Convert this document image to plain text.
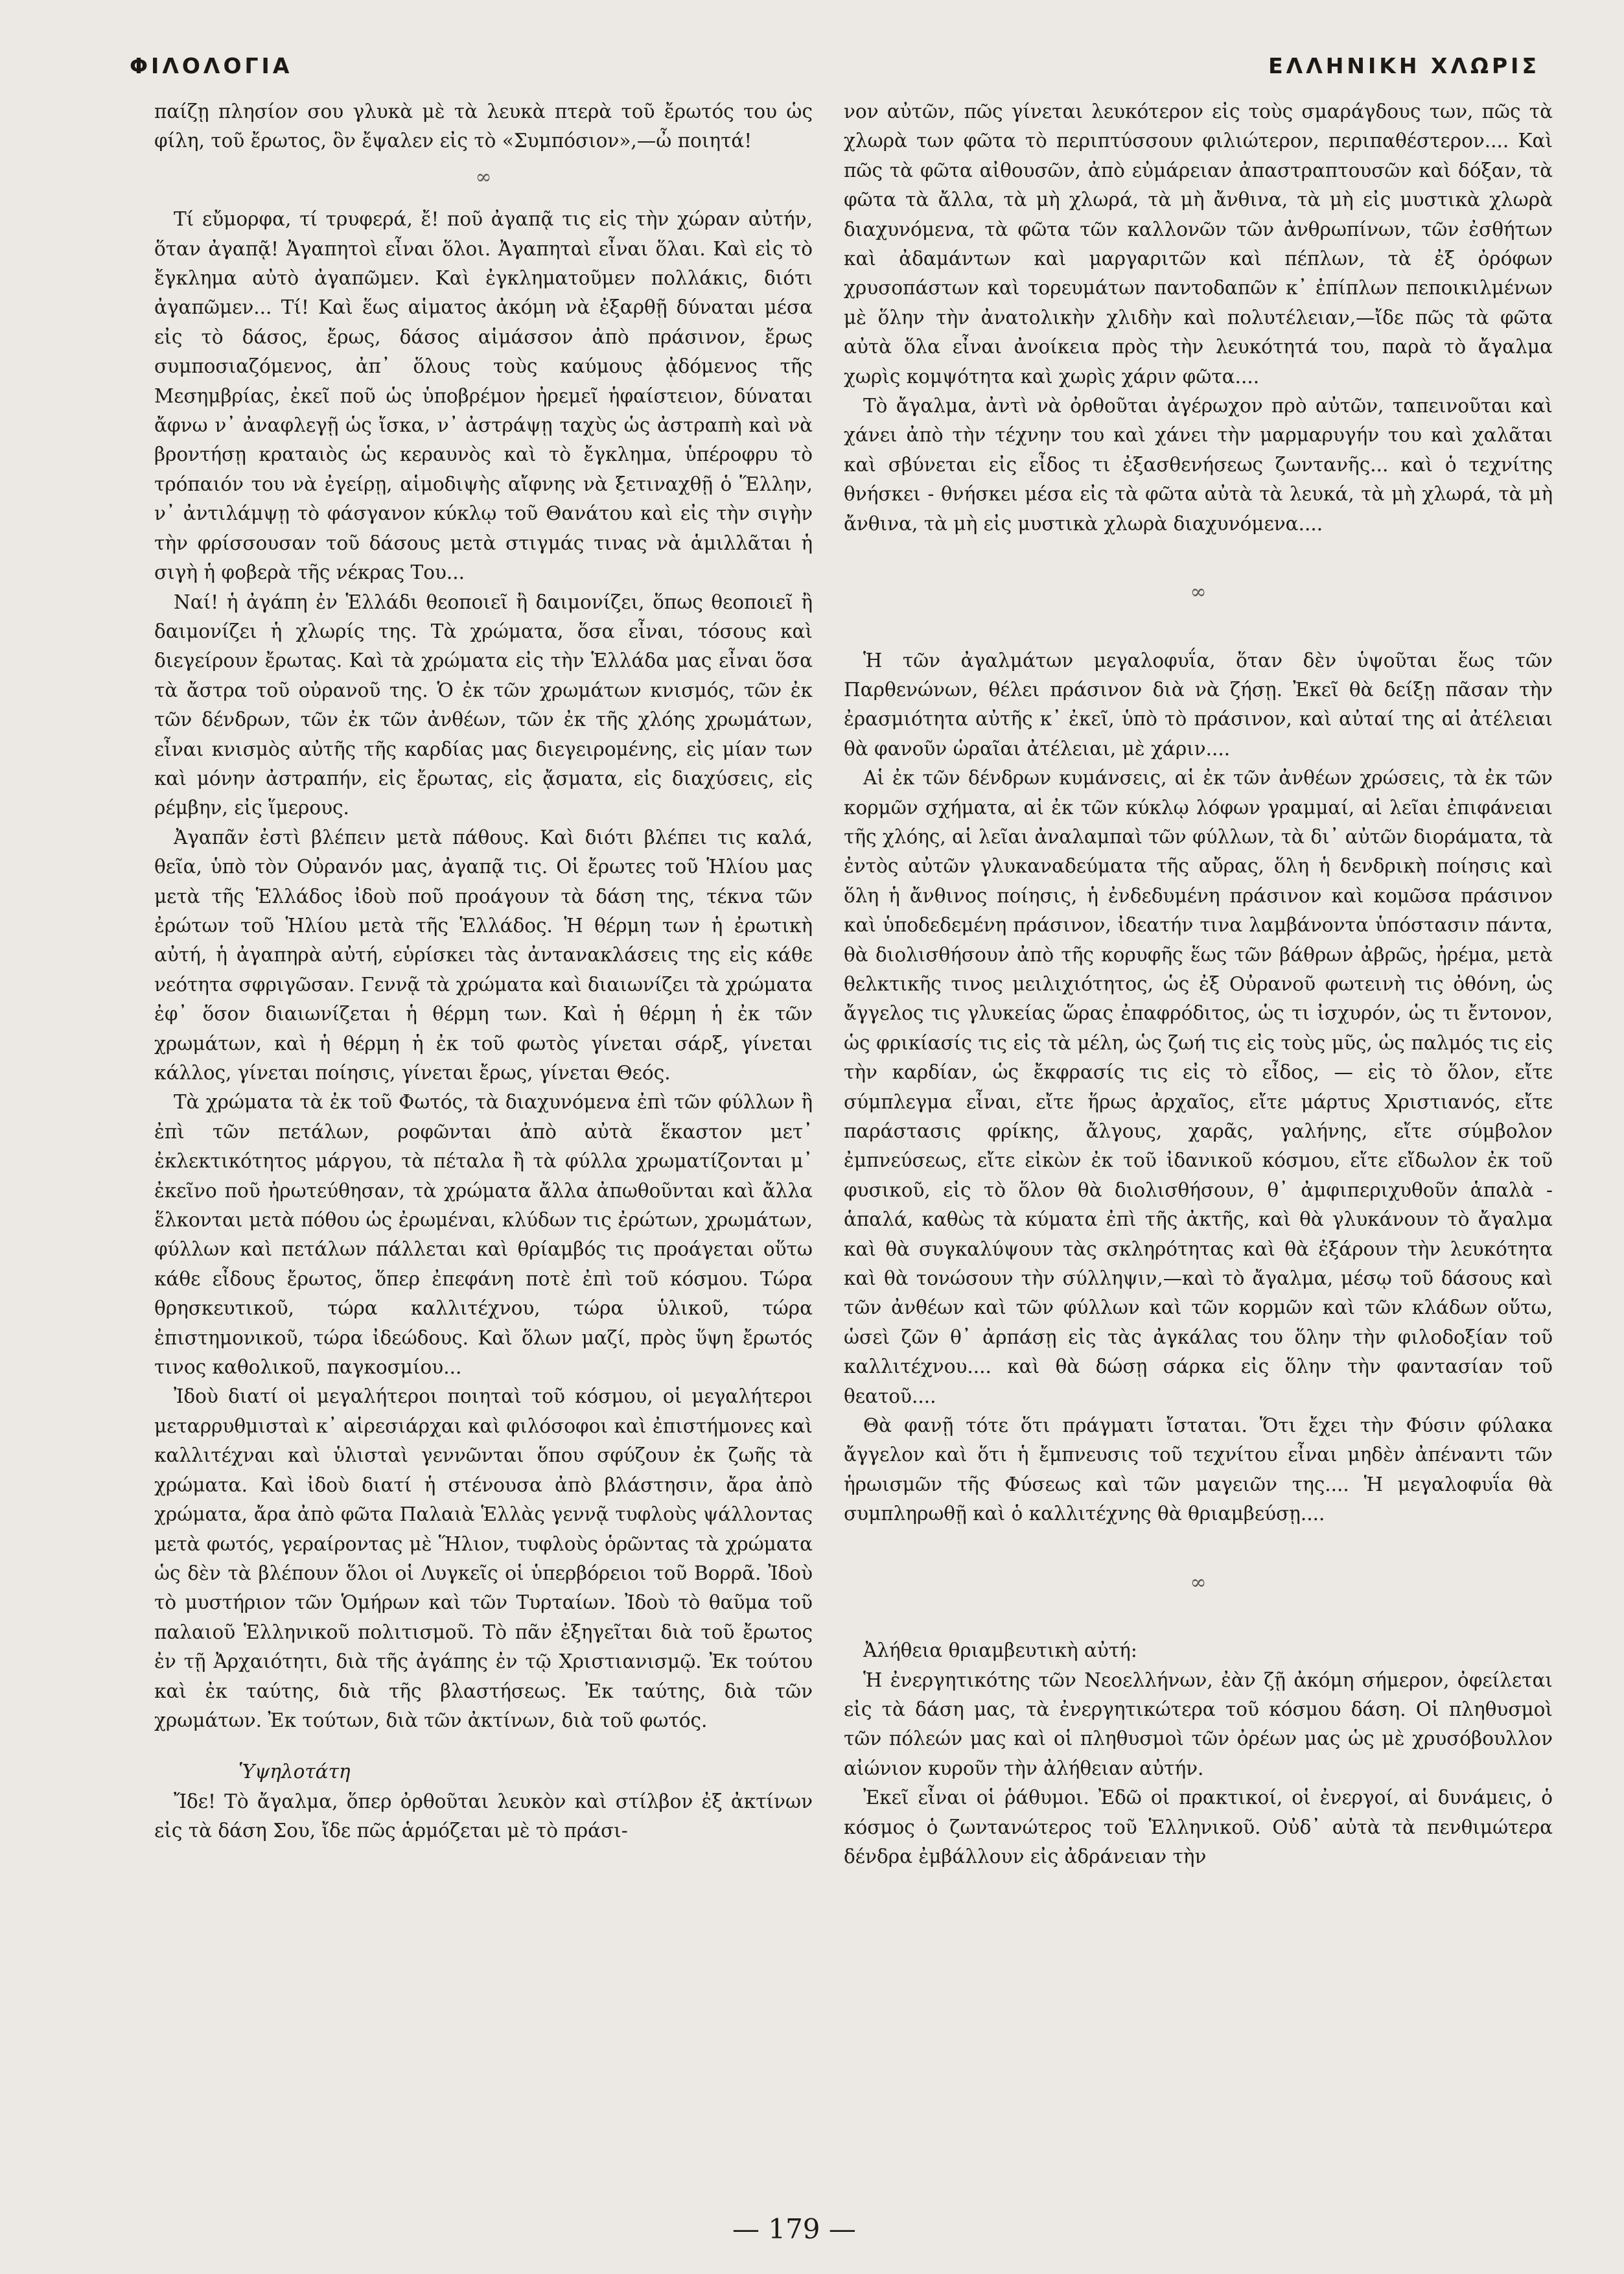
ΦΙΛΟΛΟΓΙΑ	ΕΛΛΗΝΙΚΗ ΧΛΩΡΙΣ

παίζῃ πλησίον σου γλυκὰ μὲ τὰ λευκὰ πτερὰ τοῦ ἔρωτός του ὡς φίλη, τοῦ ἔρωτος, ὃν ἔψαλεν εἰς τὸ «Συμπόσιον»,—ὦ ποιητά!

∞

Τί εὔμορφα, τί τρυφερά, ἔ! ποῦ ἀγαπᾷ τις εἰς τὴν χώραν αὐτήν, ὅταν ἀγαπᾷ! Ἀγαπητοὶ εἶναι ὅλοι. Ἀγαπηταὶ εἶναι ὅλαι. Καὶ εἰς τὸ ἔγκλημα αὐτὸ ἀγαπῶμεν. Καὶ ἐγκληματοῦμεν πολλάκις, διότι ἀγαπῶμεν... Τί! Καὶ ἕως αἱματος ἀκόμη νὰ ἐξαρθῇ δύναται μέσα εἰς τὸ δάσος, ἔρως, δάσος αἱμάσσον ἀπὸ πράσινον, ἔρως συμποσιαζόμενος, ἀπ᾿ ὅλους τοὺς καύμους ᾀδόμενος τῆς Μεσημβρίας, ἐκεῖ ποῦ ὡς ὑποβρέμον ἠρεμεῖ ἡφαίστειον, δύναται ἄφνω ν᾿ ἀναφλεγῇ ὡς ἴσκα, ν᾿ ἀστράψῃ ταχὺς ὡς ἀστραπὴ καὶ νὰ βροντήσῃ κραταιὸς ὡς κεραυνὸς καὶ τὸ ἔγκλημα, ὑπέροφρυ τὸ τρόπαιόν του νὰ ἐγείρῃ, αἱμοδιψὴς αἴφνης νὰ ξετιναχθῇ ὁ Ἕλλην, ν᾿ ἀντιλάμψῃ τὸ φάσγανον κύκλῳ τοῦ Θανάτου καὶ εἰς τὴν σιγὴν τὴν φρίσσουσαν τοῦ δάσους μετὰ στιγμάς τινας νὰ ἁμιλλᾶται ἡ σιγὴ ἡ φοβερὰ τῆς νέκρας Του...

Ναί! ἡ ἀγάπη ἐν Ἑλλάδι θεοποιεῖ ἢ δαιμονίζει, ὅπως θεοποιεῖ ἢ δαιμονίζει ἡ χλωρίς της. Τὰ χρώματα, ὅσα εἶναι, τόσους καὶ διεγείρουν ἔρωτας. Καὶ τὰ χρώματα εἰς τὴν Ἑλλάδα μας εἶναι ὅσα τὰ ἄστρα τοῦ οὐρανοῦ της. Ὁ ἐκ τῶν χρωμάτων κνισμός, τῶν ἐκ τῶν δένδρων, τῶν ἐκ τῶν ἀνθέων, τῶν ἐκ τῆς χλόης χρωμάτων, εἶναι κνισμὸς αὐτῆς τῆς καρδίας μας διεγειρομένης, εἰς μίαν των καὶ μόνην ἀστραπήν, εἰς ἔρωτας, εἰς ᾄσματα, εἰς διαχύσεις, εἰς ρέμβην, εἰς ἵμερους.

Ἀγαπᾶν ἐστὶ βλέπειν μετὰ πάθους. Καὶ διότι βλέπει τις καλά, θεῖα, ὑπὸ τὸν Οὐρανόν μας, ἀγαπᾷ τις. Οἱ ἔρωτες τοῦ Ἡλίου μας μετὰ τῆς Ἑλλάδος ἰδοὺ ποῦ προάγουν τὰ δάση της, τέκνα τῶν ἐρώτων τοῦ Ἡλίου μετὰ τῆς Ἑλλάδος. Ἡ θέρμη των ἡ ἐρωτικὴ αὐτή, ἡ ἀγαπηρὰ αὐτή, εὑρίσκει τὰς ἀντανακλάσεις της εἰς κάθε νεότητα σφριγῶσαν. Γεννᾷ τὰ χρώματα καὶ διαιωνίζει τὰ χρώματα ἐφ᾿ ὅσον διαιωνίζεται ἡ θέρμη των. Καὶ ἡ θέρμη ἡ ἐκ τῶν χρωμάτων, καὶ ἡ θέρμη ἡ ἐκ τοῦ φωτὸς γίνεται σάρξ, γίνεται κάλλος, γίνεται ποίησις, γίνεται ἔρως, γίνεται Θεός.

Τὰ χρώματα τὰ ἐκ τοῦ Φωτός, τὰ διαχυνόμενα ἐπὶ τῶν φύλλων ἢ ἐπὶ τῶν πετάλων, ροφῶνται ἀπὸ αὐτὰ ἕκαστον μετ᾿ ἐκλεκτικότητος μάργου, τὰ πέταλα ἢ τὰ φύλλα χρωματίζονται μ᾿ ἐκεῖνο ποῦ ἠρωτεύθησαν, τὰ χρώματα ἄλλα ἀπωθοῦνται καὶ ἄλλα ἕλκονται μετὰ πόθου ὡς ἐρωμέναι, κλύδων τις ἐρώτων, χρωμάτων, φύλλων καὶ πετάλων πάλλεται καὶ θρίαμβός τις προάγεται οὕτω κάθε εἶδους ἔρωτος, ὅπερ ἐπεφάνη ποτὲ ἐπὶ τοῦ κόσμου. Τώρα θρησκευτικοῦ, τώρα καλλιτέχνου, τώρα ὑλικοῦ, τώρα ἐπιστημονικοῦ, τώρα ἰδεώδους. Καὶ ὅλων μαζί, πρὸς ὕψη ἔρωτός τινος καθολικοῦ, παγκοσμίου...

Ἰδοὺ διατί οἱ μεγαλήτεροι ποιηταὶ τοῦ κόσμου, οἱ μεγαλήτεροι μεταρρυθμισταὶ κ᾿ αἱρεσιάρχαι καὶ φιλόσοφοι καὶ ἐπιστήμονες καὶ καλλιτέχναι καὶ ὑλισταὶ γεννῶνται ὅπου σφύζουν ἐκ ζωῆς τὰ χρώματα. Καὶ ἰδοὺ διατί ἡ στένουσα ἀπὸ βλάστησιν, ἄρα ἀπὸ χρώματα, ἄρα ἀπὸ φῶτα Παλαιὰ Ἑλλὰς γεννᾷ τυφλοὺς ψάλλοντας μετὰ φωτός, γεραίροντας μὲ Ἥλιον, τυφλοὺς ὁρῶντας τὰ χρώματα ὡς δὲν τὰ βλέπουν ὅλοι οἱ Λυγκεῖς οἱ ὑπερβόρειοι τοῦ Βορρᾶ. Ἰδοὺ τὸ μυστήριον τῶν Ὁμήρων καὶ τῶν Τυρταίων. Ἰδοὺ τὸ θαῦμα τοῦ παλαιοῦ Ἑλληνικοῦ πολιτισμοῦ. Τὸ πᾶν ἐξηγεῖται διὰ τοῦ ἔρωτος ἐν τῇ Ἀρχαιότητι, διὰ τῆς ἀγάπης ἐν τῷ Χριστιανισμῷ. Ἐκ τούτου καὶ ἐκ ταύτης, διὰ τῆς βλαστήσεως. Ἐκ ταύτης, διὰ τῶν χρωμάτων. Ἐκ τούτων, διὰ τῶν ἀκτίνων, διὰ τοῦ φωτός.

Ὑψηλοτάτη

Ἴδε! Τὸ ἄγαλμα, ὅπερ ὀρθοῦται λευκὸν καὶ στίλβον ἐξ ἀκτίνων εἰς τὰ δάση Σου, ἴδε πῶς ἁρμόζεται μὲ τὸ πράσι-

νον αὐτῶν, πῶς γίνεται λευκότερον εἰς τοὺς σμαράγδους των, πῶς τὰ χλωρὰ των φῶτα τὸ περιπτύσσουν φιλιώτερον, περιπαθέστερον.... Καὶ πῶς τὰ φῶτα αἰθουσῶν, ἀπὸ εὐμάρειαν ἀπαστραπτουσῶν καὶ δόξαν, τὰ φῶτα τὰ ἄλλα, τὰ μὴ χλωρά, τὰ μὴ ἄνθινα, τὰ μὴ εἰς μυστικὰ χλωρὰ διαχυνόμενα, τὰ φῶτα τῶν καλλονῶν τῶν ἀνθρωπίνων, τῶν ἐσθήτων καὶ ἀδαμάντων καὶ μαργαριτῶν καὶ πέπλων, τὰ ἐξ ὀρόφων χρυσοπάστων καὶ τορευμάτων παντοδαπῶν κ᾿ ἐπίπλων πεποικιλμένων μὲ ὅλην τὴν ἀνατολικὴν χλιδὴν καὶ πολυτέλειαν,—ἴδε πῶς τὰ φῶτα αὐτὰ ὅλα εἶναι ἀνοίκεια πρὸς τὴν λευκότητά του, παρὰ τὸ ἄγαλμα χωρὶς κομψότητα καὶ χωρὶς χάριν φῶτα....

Τὸ ἄγαλμα, ἀντὶ νὰ ὀρθοῦται ἀγέρωχον πρὸ αὐτῶν, ταπεινοῦται καὶ χάνει ἀπὸ τὴν τέχνην του καὶ χάνει τὴν μαρμαρυγήν του καὶ χαλᾶται καὶ σβύνεται εἰς εἶδος τι ἐξασθενήσεως ζωντανῆς... καὶ ὁ τεχνίτης θνήσκει - θνήσκει μέσα εἰς τὰ φῶτα αὐτὰ τὰ λευκά, τὰ μὴ χλωρά, τὰ μὴ ἄνθινα, τὰ μὴ εἰς μυστικὰ χλωρὰ διαχυνόμενα....

∞

Ἡ τῶν ἀγαλμάτων μεγαλοφυΐα, ὅταν δὲν ὑψοῦται ἕως τῶν Παρθενώνων, θέλει πράσινον διὰ νὰ ζήσῃ. Ἐκεῖ θὰ δείξῃ πᾶσαν τὴν ἐρασμιότητα αὐτῆς κ᾿ ἐκεῖ, ὑπὸ τὸ πράσινον, καὶ αὐταί της αἱ ἀτέλειαι θὰ φανοῦν ὡραῖαι ἀτέλειαι, μὲ χάριν....

Αἱ ἐκ τῶν δένδρων κυμάνσεις, αἱ ἐκ τῶν ἀνθέων χρώσεις, τὰ ἐκ τῶν κορμῶν σχήματα, αἱ ἐκ τῶν κύκλῳ λόφων γραμμαί, αἱ λεῖαι ἐπιφάνειαι τῆς χλόης, αἱ λεῖαι ἀναλαμπαὶ τῶν φύλλων, τὰ δι᾿ αὐτῶν διοράματα, τὰ ἐντὸς αὐτῶν γλυκαναδεύματα τῆς αὔρας, ὅλη ἡ δενδρικὴ ποίησις καὶ ὅλη ἡ ἄνθινος ποίησις, ἡ ἐνδεδυμένη πράσινον καὶ κομῶσα πράσινον καὶ ὑποδεδεμένη πράσινον, ἰδεατήν τινα λαμβάνοντα ὑπόστασιν πάντα, θὰ διολισθήσουν ἀπὸ τῆς κορυφῆς ἕως τῶν βάθρων ἀβρῶς, ἠρέμα, μετὰ θελκτικῆς τινος μειλιχιότητος, ὡς ἐξ Οὐρανοῦ φωτεινὴ τις ὀθόνη, ὡς ἄγγελος τις γλυκείας ὥρας ἐπαφρόδιτος, ὡς τι ἰσχυρόν, ὡς τι ἔντονον, ὡς φρικίασίς τις εἰς τὰ μέλη, ὡς ζωή τις εἰς τοὺς μῦς, ὡς παλμός τις εἰς τὴν καρδίαν, ὡς ἔκφρασίς τις εἰς τὸ εἶδος, — εἰς τὸ ὅλον, εἴτε σύμπλεγμα εἶναι, εἴτε ἥρως ἀρχαῖος, εἴτε μάρτυς Χριστιανός, εἴτε παράστασις φρίκης, ἄλγους, χαρᾶς, γαλήνης, εἴτε σύμβολον ἐμπνεύσεως, εἴτε εἰκὼν ἐκ τοῦ ἰδανικοῦ κόσμου, εἴτε εἴδωλον ἐκ τοῦ φυσικοῦ, εἰς τὸ ὅλον θὰ διολισθήσουν, θ᾿ ἀμφιπεριχυθοῦν ἁπαλὰ - ἁπαλά, καθὼς τὰ κύματα ἐπὶ τῆς ἀκτῆς, καὶ θὰ γλυκάνουν τὸ ἄγαλμα καὶ θὰ συγκαλύψουν τὰς σκληρότητας καὶ θὰ ἐξάρουν τὴν λευκότητα καὶ θὰ τονώσουν τὴν σύλληψιν,—καὶ τὸ ἄγαλμα, μέσῳ τοῦ δάσους καὶ τῶν ἀνθέων καὶ τῶν φύλλων καὶ τῶν κορμῶν καὶ τῶν κλάδων οὕτω, ὡσεὶ ζῶν θ᾿ ἀρπάσῃ εἰς τὰς ἀγκάλας του ὅλην τὴν φιλοδοξίαν τοῦ καλλιτέχνου.... καὶ θὰ δώσῃ σάρκα εἰς ὅλην τὴν φαντασίαν τοῦ θεατοῦ....

Θὰ φανῇ τότε ὅτι πράγματι ἴσταται. Ὅτι ἔχει τὴν Φύσιν φύλακα ἄγγελον καὶ ὅτι ἡ ἔμπνευσις τοῦ τεχνίτου εἶναι μηδὲν ἀπέναντι τῶν ἡρωισμῶν τῆς Φύσεως καὶ τῶν μαγειῶν της.... Ἡ μεγαλοφυΐα θὰ συμπληρωθῇ καὶ ὁ καλλιτέχνης θὰ θριαμβεύσῃ....

∞

Ἀλήθεια θριαμβευτικὴ αὐτή:

Ἡ ἐνεργητικότης τῶν Νεοελλήνων, ἐὰν ζῇ ἀκόμη σήμερον, ὀφείλεται εἰς τὰ δάση μας, τὰ ἐνεργητικώτερα τοῦ κόσμου δάση. Οἱ πληθυσμοὶ τῶν πόλεών μας καὶ οἱ πληθυσμοὶ τῶν ὀρέων μας ὡς μὲ χρυσόβουλλον αἰώνιον κυροῦν τὴν ἀλήθειαν αὐτήν.

Ἐκεῖ εἶναι οἱ ῥάθυμοι. Ἐδῶ οἱ πρακτικοί, οἱ ἐνεργοί, αἱ δυνάμεις, ὁ κόσμος ὁ ζωντανώτερος τοῦ Ἑλληνικοῦ. Οὐδ᾿ αὐτὰ τὰ πενθιμώτερα δένδρα ἐμβάλλουν εἰς ἀδράνειαν τὴν

— 179 —
